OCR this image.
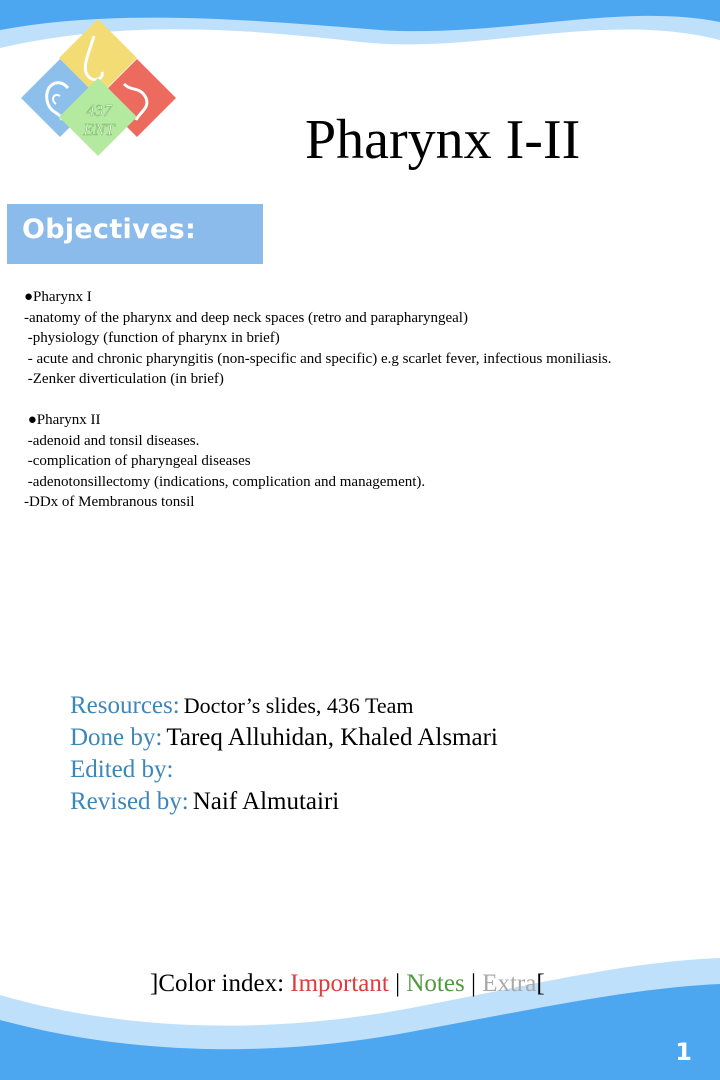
437
ENT	Pharynx I-II
Objectives:
●Pharynx I
-anatomy of the pharynx and deep neck spaces (retro and parapharyngeal)
-physiology (function of pharynx in brief)
- acute and chronic pharyngitis (non-specific and specific) e.g scarlet fever, infectious moniliasis.
-Zenker diverticulation (in brief)
●Pharynx II
-adenoid and tonsil diseases.
-complication of pharyngeal diseases
-adenotonsillectomy (indications, complication and management).
-DDx of Membranous tonsil
Resources: Doctor’s slides, 436 Team
Done by: Tareq Alluhidan, Khaled Alsmari
Edited by:
Revised by: Naif Almutairi
]Color index: Important | Notes | Extra[
1
